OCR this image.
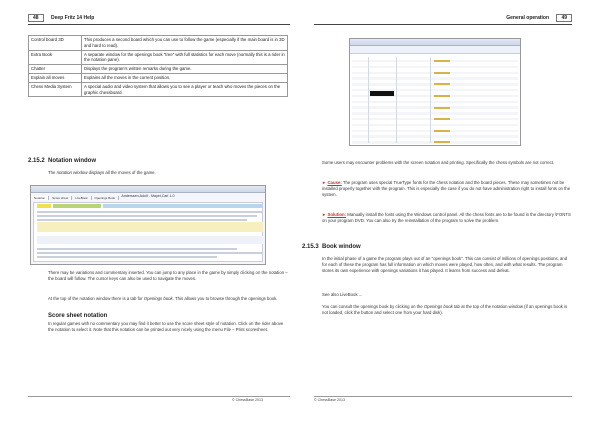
48 Deep Fritz 14 Help
Control board 3D	This produces a second board which you can use to follow the game (especially if the main board is in 3D and hard to read).
Extra Book	A separate window for the openings book "tree" with full statistics for each move (normally this is a rider in the notation pane).
Chatter	Displays the program's written remarks during the game.
Explain all moves	Explains all the moves in the current position.
Chess Media System	A special audio and video system that allows you to see a player or teach who moves the pieces on the graphic chessboard.
2.15.2 Notation window
The notation window displays all the moves of the game.
Notation Score sheet LiveBook Openings Book	Anderssen,Adolf - Mayet,Carl 1-0
There may be variations and commentary inserted. You can jump to any place in the game by simply clicking on the notation – the board will follow. The cursor keys can also be used to navigate the moves.
At the top of the notation window there is a tab for Openings book. This allows you to browse through the openings book.
Score sheet notation
In regular games with no commentary you may find it better to use the score sheet style of notation. Click on the rider above the notation to select it. Note that this notation can be printed out very nicely using the menu File – Print scoresheet.
© ChessBase 2013
General operation 49
Some users may encounter problems with the screen notation and printing. Specifically the chess symbols are not correct.
► Cause: The program uses special TrueType fonts for the chess notation and the board pieces. These may sometimes not be installed properly together with the program. This is especially the case if you do not have administration right to install fonts on the system.
► Solution: Manually install the fonts using the Windows control panel. All the chess fonts are to be found in the directory \FONTS on your program DVD. You can also try the reinstallation of the program to solve the problem.
2.15.3 Book window
In the initial phase of a game the program plays out of an "openings book". This can consist of millions of openings positions, and for each of these the program has full information on which moves were played, how often, and with what results. The program stores its own experience with openings variations it has played. It learns from success and defeat.
See also LiveBook ...
You can consult the openings book by clicking on the Openings book tab at the top of the notation window (if an openings book is not loaded, click the button and select one from your hard disk).
© ChessBase 2013
